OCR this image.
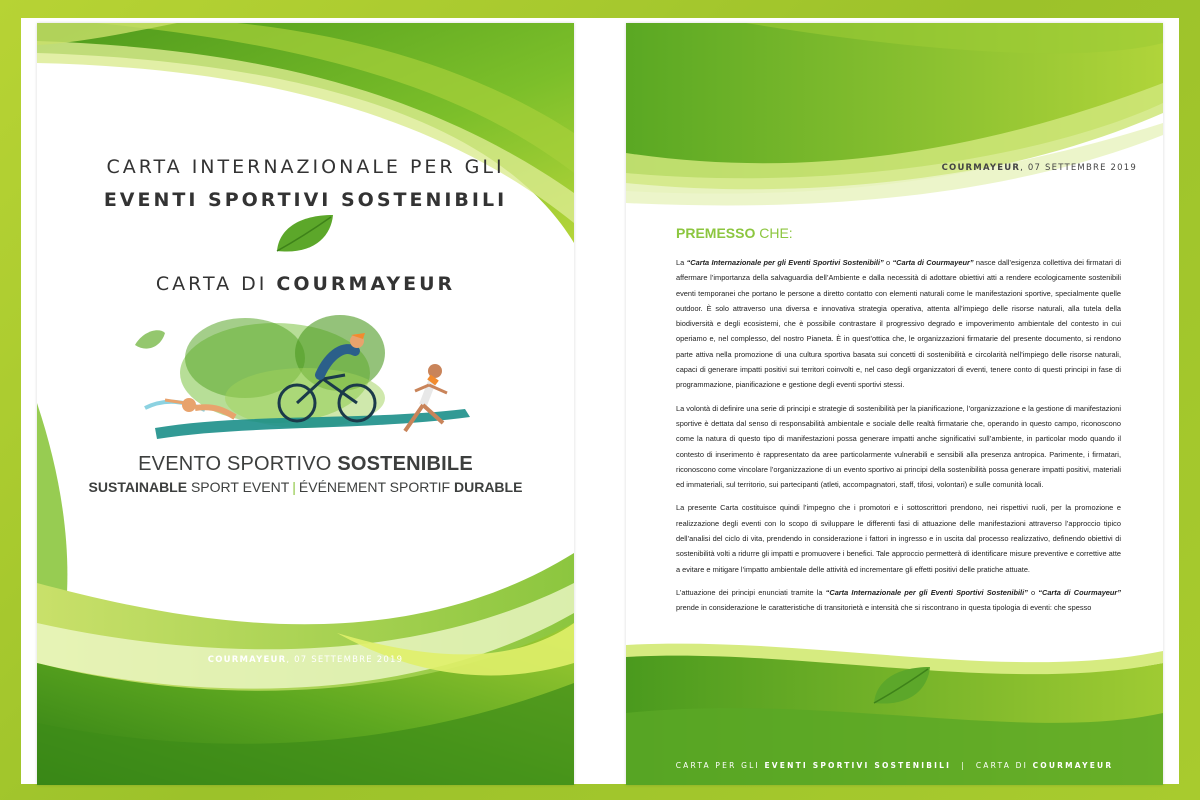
CARTA INTERNAZIONALE PER GLI
EVENTI SPORTIVI SOSTENIBILI
CARTA DI COURMAYEUR
EVENTO SPORTIVO SOSTENIBILE
SUSTAINABLE SPORT EVENT | ÉVÉNEMENT SPORTIF DURABLE
COURMAYEUR, 07 SETTEMBRE 2019
COURMAYEUR, 07 SETTEMBRE 2019
PREMESSO CHE:

La “Carta Internazionale per gli Eventi Sportivi Sostenibili” o “Carta di Courmayeur” nasce dall’esigenza collettiva dei firmatari di affermare l’importanza della salvaguardia dell’Ambiente e dalla necessità di adottare obiettivi atti a rendere ecologicamente sostenibili eventi temporanei che portano le persone a diretto contatto con elementi naturali come le manifestazioni sportive, specialmente quelle outdoor. È solo attraverso una diversa e innovativa strategia operativa, attenta all’impiego delle risorse naturali, alla tutela della biodiversità e degli ecosistemi, che è possibile contrastare il progressivo degrado e impoverimento ambientale del contesto in cui operiamo e, nel complesso, del nostro Pianeta. È in quest’ottica che, le organizzazioni firmatarie del presente documento, si rendono parte attiva nella promozione di una cultura sportiva basata sui concetti di sostenibilità e circolarità nell’impiego delle risorse naturali, capaci di generare impatti positivi sui territori coinvolti e, nel caso degli organizzatori di eventi, tenere conto di questi principi in fase di programmazione, pianificazione e gestione degli eventi sportivi stessi.

La volontà di definire una serie di principi e strategie di sostenibilità per la pianificazione, l’organizzazione e la gestione di manifestazioni sportive è dettata dal senso di responsabilità ambientale e sociale delle realtà firmatarie che, operando in questo campo, riconoscono come la natura di questo tipo di manifestazioni possa generare impatti anche significativi sull’ambiente, in particolar modo quando il contesto di inserimento è rappresentato da aree particolarmente vulnerabili e sensibili alla presenza antropica. Parimente, i firmatari, riconoscono come vincolare l’organizzazione di un evento sportivo ai principi della sostenibilità possa generare impatti positivi, materiali ed immateriali, sul territorio, sui partecipanti (atleti, accompagnatori, staff, tifosi, volontari) e sulle comunità locali.

La presente Carta costituisce quindi l’impegno che i promotori e i sottoscrittori prendono, nei rispettivi ruoli, per la promozione e realizzazione degli eventi con lo scopo di sviluppare le differenti fasi di attuazione delle manifestazioni attraverso l’approccio tipico dell’analisi del ciclo di vita, prendendo in considerazione i fattori in ingresso e in uscita dal processo realizzativo, definendo obiettivi di sostenibilità volti a ridurre gli impatti e promuovere i benefici. Tale approccio permetterà di identificare misure preventive e correttive atte a evitare e mitigare l’impatto ambientale delle attività ed incrementare gli effetti positivi delle pratiche attuate.

L’attuazione dei principi enunciati tramite la “Carta Internazionale per gli Eventi Sportivi Sostenibili” o “Carta di Courmayeur” prende in considerazione le caratteristiche di transitorietà e intensità che si riscontrano in questa tipologia di eventi: che spesso

CARTA PER GLI EVENTI SPORTIVI SOSTENIBILI | CARTA DI COURMAYEUR
